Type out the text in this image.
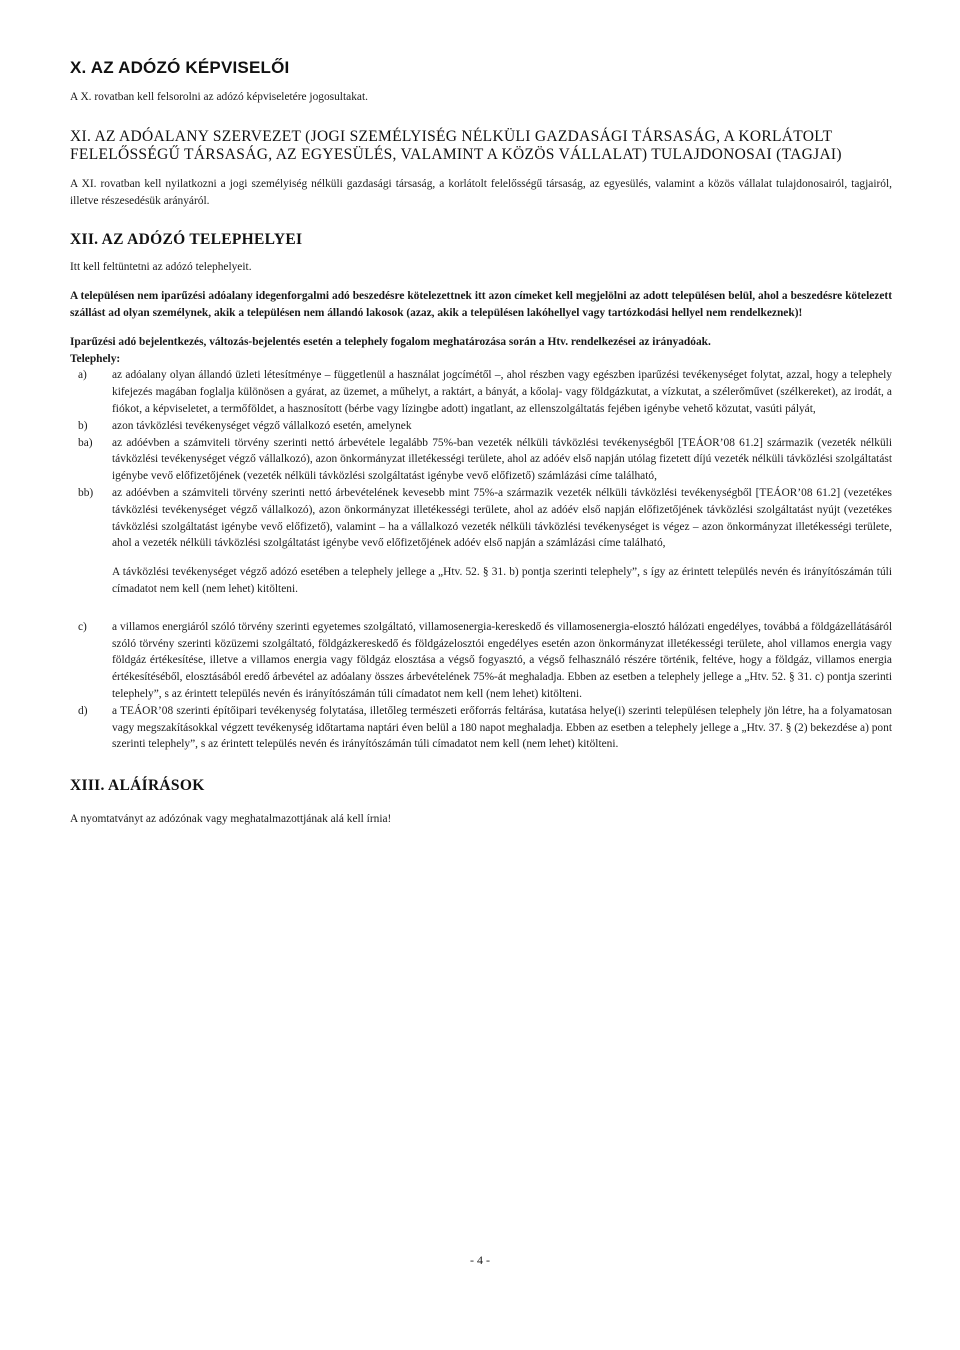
X. AZ ADÓZÓ KÉPVISELŐI

A X. rovatban kell felsorolni az adózó képviseletére jogosultakat.

XI. AZ ADÓALANY SZERVEZET (JOGI SZEMÉLYISÉG NÉLKÜLI GAZDASÁGI TÁRSASÁG, A KORLÁTOLT FELELŐSSÉGŰ TÁRSASÁG, AZ EGYESÜLÉS, VALAMINT A KÖZÖS VÁLLALAT) TULAJDONOSAI (TAGJAI)

A XI. rovatban kell nyilatkozni a jogi személyiség nélküli gazdasági társaság, a korlátolt felelősségű társaság, az egyesülés, valamint a közös vállalat tulajdonosairól, tagjairól, illetve részesedésük arányáról.

XII. AZ ADÓZÓ TELEPHELYEI

Itt kell feltüntetni az adózó telephelyeit.

A településen nem iparűzési adóalany idegenforgalmi adó beszedésre kötelezettnek itt azon címeket kell megjelölni az adott településen belül, ahol a beszedésre kötelezett szállást ad olyan személynek, akik a településen nem állandó lakosok (azaz, akik a településen lakóhellyel vagy tartózkodási hellyel nem rendelkeznek)!

Iparűzési adó bejelentkezés, változás-bejelentés esetén a telephely fogalom meghatározása során a Htv. rendelkezései az irányadóak.

Telephely:

a)	az adóalany olyan állandó üzleti létesítménye – függetlenül a használat jogcímétől –, ahol részben vagy egészben iparűzési tevékenységet folytat, azzal, hogy a telephely kifejezés magában foglalja különösen a gyárat, az üzemet, a műhelyt, a raktárt, a bányát, a kőolaj- vagy földgázkutat, a vízkutat, a szélerőművet (szélkereket), az irodát, a fiókot, a képviseletet, a termőföldet, a hasznosított (bérbe vagy lízingbe adott) ingatlant, az ellenszolgáltatás fejében igénybe vehető közutat, vasúti pályát,
b)	azon távközlési tevékenységet végző vállalkozó esetén, amelynek
ba)	az adóévben a számviteli törvény szerinti nettó árbevétele legalább 75%-ban vezeték nélküli távközlési tevékenységből [TEÁOR’08 61.2] származik (vezeték nélküli távközlési tevékenységet végző vállalkozó), azon önkormányzat illetékességi területe, ahol az adóév első napján utólag fizetett díjú vezeték nélküli távközlési szolgáltatást igénybe vevő előfizetőjének (vezeték nélküli távközlési szolgáltatást igénybe vevő előfizető) számlázási címe található,
bb)	az adóévben a számviteli törvény szerinti nettó árbevételének kevesebb mint 75%-a származik vezeték nélküli távközlési tevékenységből [TEÁOR’08 61.2] (vezetékes távközlési tevékenységet végző vállalkozó), azon önkormányzat illetékességi területe, ahol az adóév első napján előfizetőjének távközlési szolgáltatást nyújt (vezetékes távközlési szolgáltatást igénybe vevő előfizető), valamint – ha a vállalkozó vezeték nélküli távközlési tevékenységet is végez – azon önkormányzat illetékességi területe, ahol a vezeték nélküli távközlési szolgáltatást igénybe vevő előfizetőjének adóév első napján a számlázási címe található,

A távközlési tevékenységet végző adózó esetében a telephely jellege a „Htv. 52. § 31. b) pontja szerinti telephely”, s így az érintett település nevén és irányítószámán túli címadatot nem kell (nem lehet) kitölteni.

c)	a villamos energiáról szóló törvény szerinti egyetemes szolgáltató, villamosenergia-kereskedő és villamosenergia-elosztó hálózati engedélyes, továbbá a földgázellátásáról szóló törvény szerinti közüzemi szolgáltató, földgázkereskedő és földgázelosztói engedélyes esetén azon önkormányzat illetékességi területe, ahol villamos energia vagy földgáz értékesítése, illetve a villamos energia vagy földgáz elosztása a végső fogyasztó, a végső felhasználó részére történik, feltéve, hogy a földgáz, villamos energia értékesítéséből, elosztásából eredő árbevétel az adóalany összes árbevételének 75%-át meghaladja. Ebben az esetben a telephely jellege a „Htv. 52. § 31. c) pontja szerinti telephely”, s az érintett település nevén és irányítószámán túli címadatot nem kell (nem lehet) kitölteni.
d)	a TEÁOR’08 szerinti építőipari tevékenység folytatása, illetőleg természeti erőforrás feltárása, kutatása helye(i) szerinti településen telephely jön létre, ha a folyamatosan vagy megszakításokkal végzett tevékenység időtartama naptári éven belül a 180 napot meghaladja. Ebben az esetben a telephely jellege a „Htv. 37. § (2) bekezdése a) pont szerinti telephely”, s az érintett település nevén és irányítószámán túli címadatot nem kell (nem lehet) kitölteni.
XIII. ALÁÍRÁSOK

A nyomtatványt az adózónak vagy meghatalmazottjának alá kell írnia!

- 4 -
